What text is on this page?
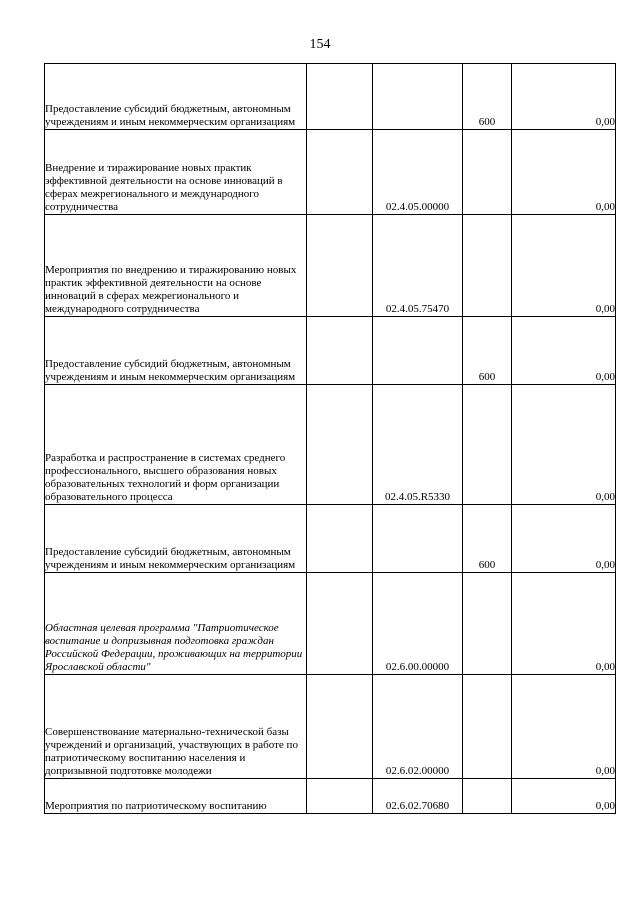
154
Предоставление субсидий бюджетным, автономным учреждениям и иным некоммерческим организациям			600	0,00
Внедрение и тиражирование новых практик эффективной деятельности на основе инноваций в сферах межрегионального и международного сотрудничества		02.4.05.00000		0,00
Мероприятия по внедрению и тиражированию новых практик эффективной деятельности на основе инноваций в сферах межрегионального и международного сотрудничества		02.4.05.75470		0,00
Предоставление субсидий бюджетным, автономным учреждениям и иным некоммерческим организациям			600	0,00
Разработка и распространение в системах среднего профессионального, высшего образования новых образовательных технологий и форм организации образовательного процесса		02.4.05.R5330		0,00
Предоставление субсидий бюджетным, автономным учреждениям и иным некоммерческим организациям			600	0,00
Областная целевая программа "Патриотическое воспитание и допризывная подготовка граждан Российской Федерации, проживающих на территории Ярославской области"		02.6.00.00000		0,00
Совершенствование материально-технической базы учреждений и организаций, участвующих в работе по патриотическому воспитанию населения и допризывной подготовке молодежи		02.6.02.00000		0,00
Мероприятия по патриотическому воспитанию		02.6.02.70680		0,00
